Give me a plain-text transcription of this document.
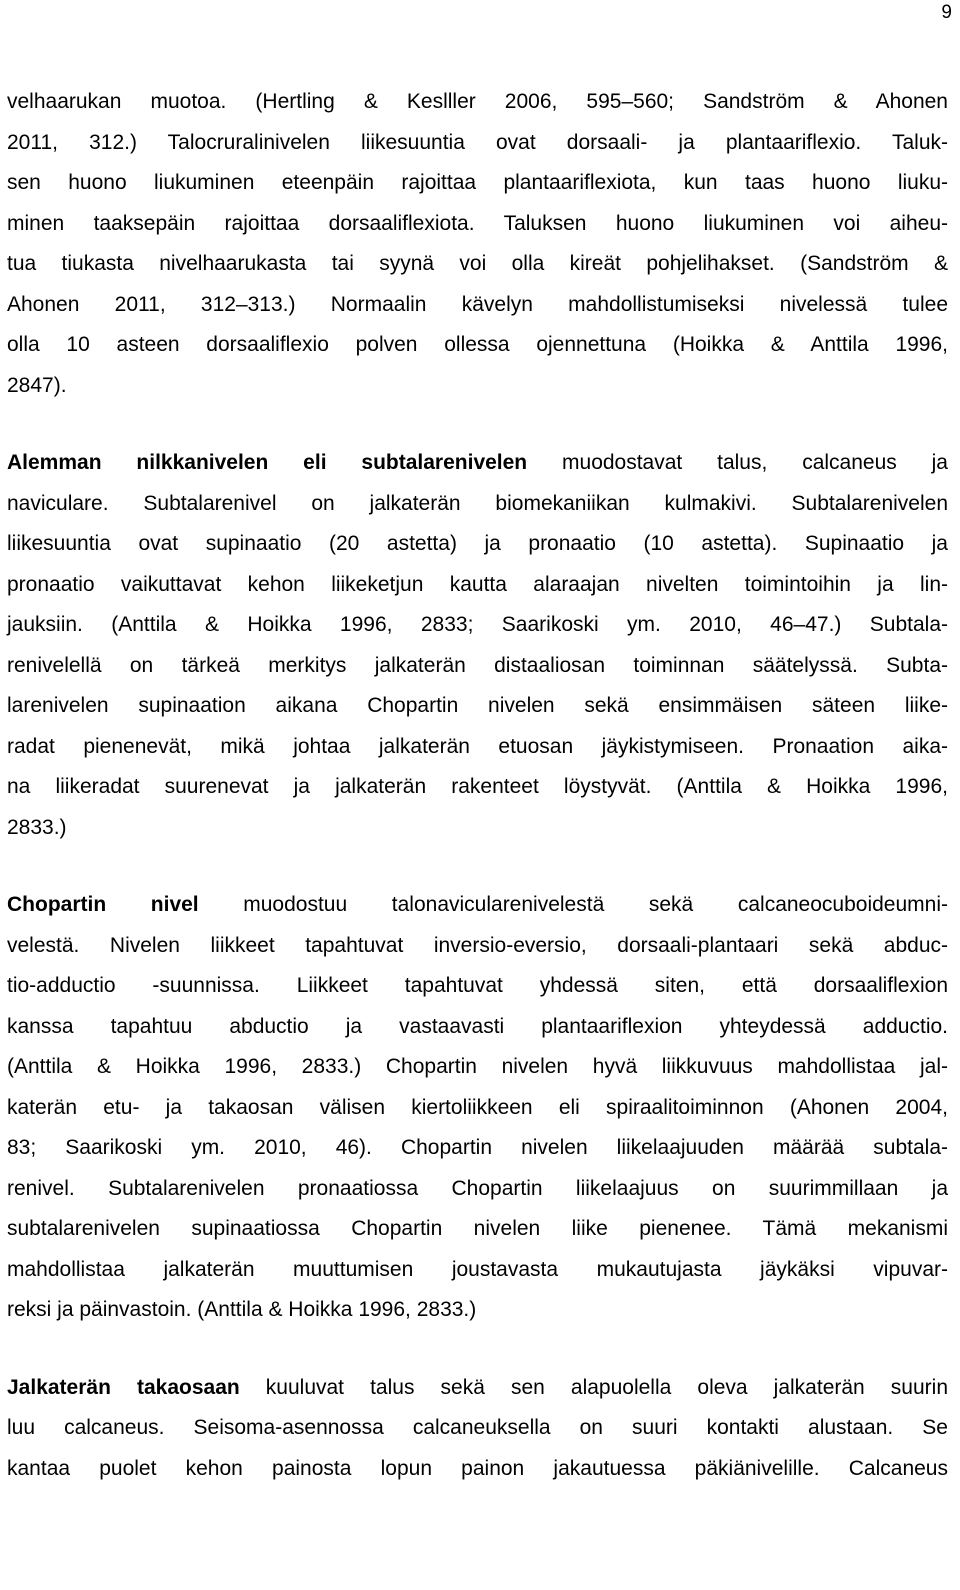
9
velhaarukan muotoa. (Hertling & Keslller 2006, 595–560; Sandström & Ahonen
2011, 312.) Talocruralinivelen liikesuuntia ovat dorsaali- ja plantaariflexio. Taluk-
sen huono liukuminen eteenpäin rajoittaa plantaariflexiota, kun taas huono liuku-
minen taaksepäin rajoittaa dorsaaliflexiota. Taluksen huono liukuminen voi aiheu-
tua tiukasta nivelhaarukasta tai syynä voi olla kireät pohjelihakset. (Sandström &
Ahonen 2011, 312–313.) Normaalin kävelyn mahdollistumiseksi nivelessä tulee
olla 10 asteen dorsaaliflexio polven ollessa ojennettuna (Hoikka & Anttila 1996,
2847).
Alemman nilkkanivelen eli subtalarenivelen muodostavat talus, calcaneus ja
naviculare. Subtalarenivel on jalkaterän biomekaniikan kulmakivi. Subtalarenivelen
liikesuuntia ovat supinaatio (20 astetta) ja pronaatio (10 astetta). Supinaatio ja
pronaatio vaikuttavat kehon liikeketjun kautta alaraajan nivelten toimintoihin ja lin-
jauksiin. (Anttila & Hoikka 1996, 2833; Saarikoski ym. 2010, 46–47.) Subtala-
renivelellä on tärkeä merkitys jalkaterän distaaliosan toiminnan säätelyssä. Subta-
larenivelen supinaation aikana Chopartin nivelen sekä ensimmäisen säteen liike-
radat pienenevät, mikä johtaa jalkaterän etuosan jäykistymiseen. Pronaation aika-
na liikeradat suurenevat ja jalkaterän rakenteet löystyvät. (Anttila & Hoikka 1996,
2833.)
Chopartin nivel muodostuu talonavicularenivelestä sekä calcaneocuboideumni-
velestä. Nivelen liikkeet tapahtuvat inversio-eversio, dorsaali-plantaari sekä abduc-
tio-adductio -suunnissa. Liikkeet tapahtuvat yhdessä siten, että dorsaaliflexion
kanssa tapahtuu abductio ja vastaavasti plantaariflexion yhteydessä adductio.
(Anttila & Hoikka 1996, 2833.) Chopartin nivelen hyvä liikkuvuus mahdollistaa jal-
katerän etu- ja takaosan välisen kiertoliikkeen eli spiraalitoiminnon (Ahonen 2004,
83; Saarikoski ym. 2010, 46). Chopartin nivelen liikelaajuuden määrää subtala-
renivel. Subtalarenivelen pronaatiossa Chopartin liikelaajuus on suurimmillaan ja
subtalarenivelen supinaatiossa Chopartin nivelen liike pienenee. Tämä mekanismi
mahdollistaa jalkaterän muuttumisen joustavasta mukautujasta jäykäksi vipuvar-
reksi ja päinvastoin. (Anttila & Hoikka 1996, 2833.)
Jalkaterän takaosaan kuuluvat talus sekä sen alapuolella oleva jalkaterän suurin
luu calcaneus. Seisoma-asennossa calcaneuksella on suuri kontakti alustaan. Se
kantaa puolet kehon painosta lopun painon jakautuessa päkiänivelille. Calcaneus
